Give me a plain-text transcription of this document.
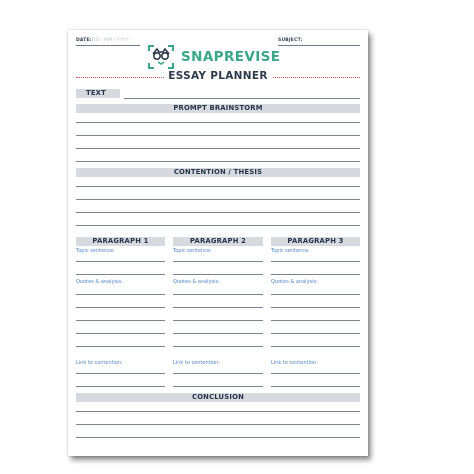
DATE:DD / MM / YYYY	SUBJECT:
SNAPREVISE
ESSAY PLANNER
TEXT
PROMPT BRAINSTORM
CONTENTION / THESIS
PARAGRAPH 1
Topic sentence:
Quotes & analysis:
Link to contention:
PARAGRAPH 2
Topic sentence:
Quotes & analysis:
Link to contention:
PARAGRAPH 3
Topic sentence:
Quotes & analysis:
Link to contention:
CONCLUSION
